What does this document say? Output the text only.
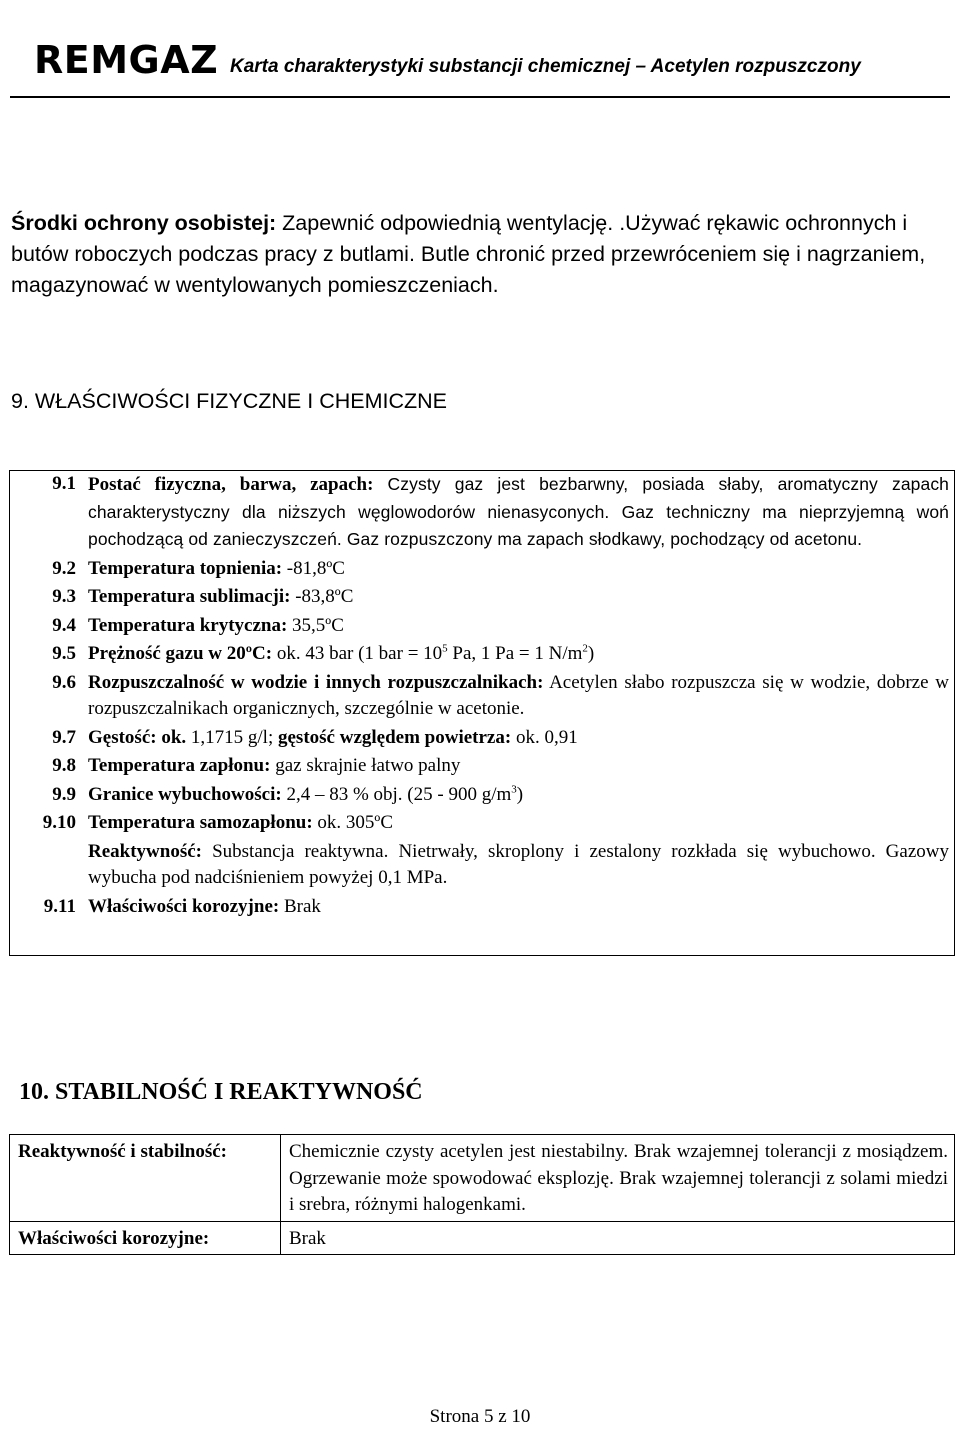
REMGAZ Karta charakterystyki substancji chemicznej – Acetylen rozpuszczony
Środki ochrony osobistej: Zapewnić odpowiednią wentylację. .Używać rękawic ochronnych i butów roboczych podczas pracy z butlami. Butle chronić przed przewróceniem się i nagrzaniem, magazynować w wentylowanych pomieszczeniach.
9. WŁAŚCIWOŚCI FIZYCZNE I CHEMICZNE
9.1	Postać fizyczna, barwa, zapach: Czysty gaz jest bezbarwny, posiada słaby, aromatyczny zapach charakterystyczny dla niższych węglowodorów nienasyconych. Gaz techniczny ma nieprzyjemną woń pochodzącą od zanieczyszczeń. Gaz rozpuszczony ma zapach słodkawy, pochodzący od acetonu.
9.2	Temperatura topnienia: -81,8ºC
9.3	Temperatura sublimacji: -83,8ºC
9.4	Temperatura krytyczna: 35,5ºC
9.5	Prężność gazu w 20ºC: ok. 43 bar (1 bar = $10^5$ Pa, 1 Pa = 1 $N/m^2$)
9.6	Rozpuszczalność w wodzie i innych rozpuszczalnikach: Acetylen słabo rozpuszcza się w wodzie, dobrze w rozpuszczalnikach organicznych, szczególnie w acetonie.
9.7	Gęstość: ok. 1,1715 g/l; gęstość względem powietrza: ok. 0,91
9.8	Temperatura zapłonu: gaz skrajnie łatwo palny
9.9	Granice wybuchowości: 2,4 – 83 % obj. (25 - 900 $g/m^3$)
9.10	Temperatura samozapłonu: ok. 305ºC
	Reaktywność: Substancja reaktywna. Nietrwały, skroplony i zestalony rozkłada się wybuchowo. Gazowy wybucha pod nadciśnieniem powyżej 0,1 MPa.
9.11	Właściwości korozyjne: Brak
10. STABILNOŚĆ I REAKTYWNOŚĆ
Reaktywność i stabilność:	Chemicznie czysty acetylen jest niestabilny. Brak wzajemnej tolerancji z mosiądzem. Ogrzewanie może spowodować eksplozję. Brak wzajemnej tolerancji z solami miedzi i srebra, różnymi halogenkami.
Właściwości korozyjne:	Brak
Strona 5 z 10
